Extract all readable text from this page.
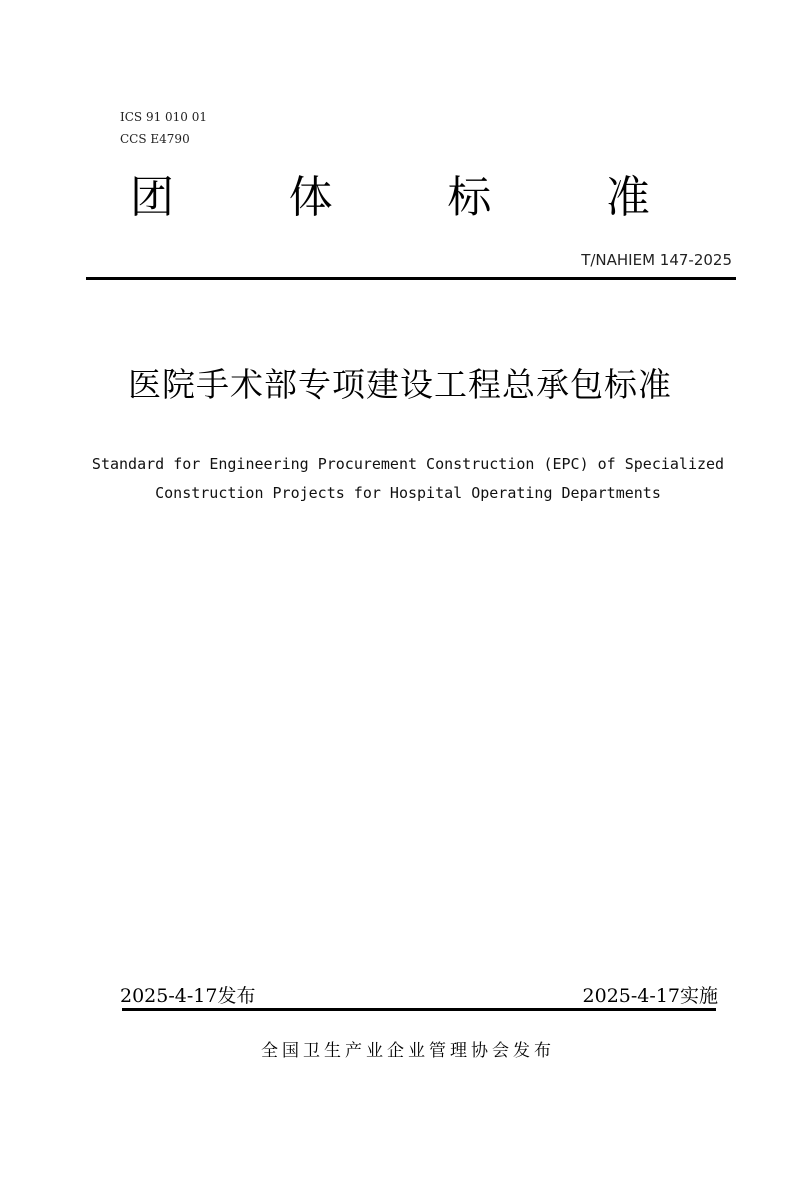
ICS 91 010 01
CCS E4790
团	体	标	准
T/NAHIEM 147-2025
医院手术部专项建设工程总承包标准
Standard for Engineering Procurement Construction (EPC) of Specialized
Construction Projects for Hospital Operating Departments
2025-4-17发布	2025-4-17实施
全国卫生产业企业管理协会发布
